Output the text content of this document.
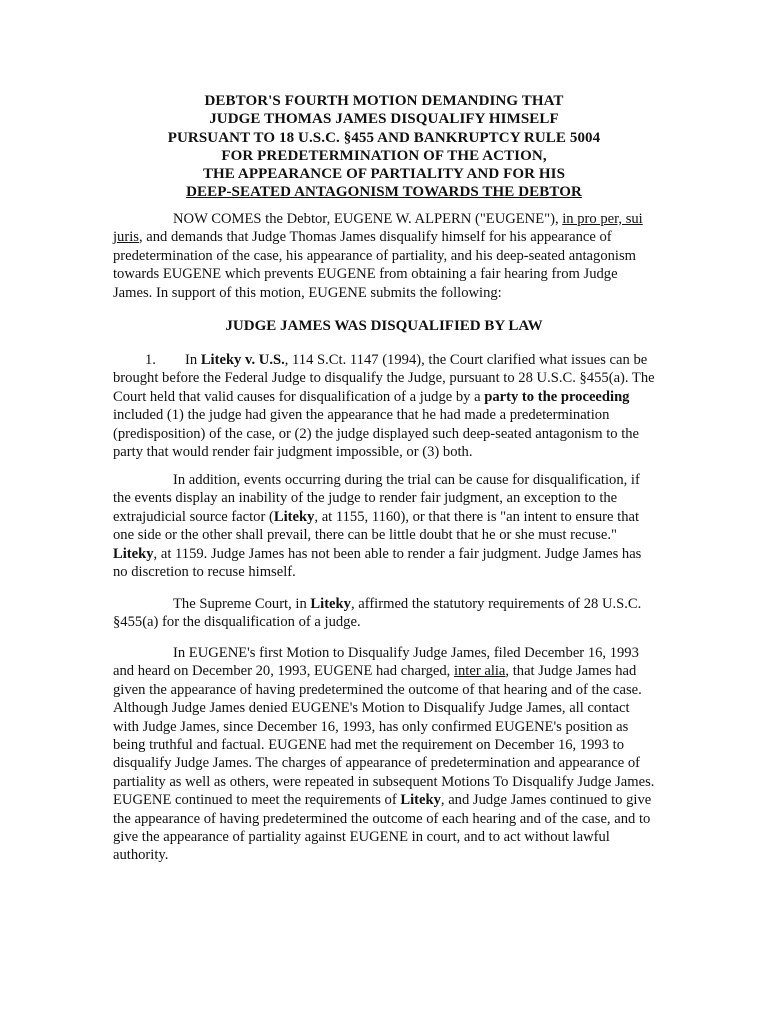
DEBTOR'S FOURTH MOTION DEMANDING THAT
JUDGE THOMAS JAMES DISQUALIFY HIMSELF
PURSUANT TO 18 U.S.C. §455 AND BANKRUPTCY RULE 5004
FOR PREDETERMINATION OF THE ACTION,
THE APPEARANCE OF PARTIALITY AND FOR HIS
DEEP-SEATED ANTAGONISM TOWARDS THE DEBTOR

NOW COMES the Debtor, EUGENE W. ALPERN ("EUGENE"), in pro per, sui juris, and demands that Judge Thomas James disqualify himself for his appearance of predetermination of the case, his appearance of partiality, and his deep-seated antagonism towards EUGENE which prevents EUGENE from obtaining a fair hearing from Judge James. In support of this motion, EUGENE submits the following:

JUDGE JAMES WAS DISQUALIFIED BY LAW

1. In Liteky v. U.S., 114 S.Ct. 1147 (1994), the Court clarified what issues can be brought before the Federal Judge to disqualify the Judge, pursuant to 28 U.S.C. §455(a). The Court held that valid causes for disqualification of a judge by a party to the proceeding included (1) the judge had given the appearance that he had made a predetermination (predisposition) of the case, or (2) the judge displayed such deep-seated antagonism to the party that would render fair judgment impossible, or (3) both.

In addition, events occurring during the trial can be cause for disqualification, if the events display an inability of the judge to render fair judgment, an exception to the extrajudicial source factor (Liteky, at 1155, 1160), or that there is "an intent to ensure that one side or the other shall prevail, there can be little doubt that he or she must recuse." Liteky, at 1159. Judge James has not been able to render a fair judgment. Judge James has no discretion to recuse himself.

The Supreme Court, in Liteky, affirmed the statutory requirements of 28 U.S.C. §455(a) for the disqualification of a judge.

In EUGENE's first Motion to Disqualify Judge James, filed December 16, 1993 and heard on December 20, 1993, EUGENE had charged, inter alia, that Judge James had given the appearance of having predetermined the outcome of that hearing and of the case. Although Judge James denied EUGENE's Motion to Disqualify Judge James, all contact with Judge James, since December 16, 1993, has only confirmed EUGENE's position as being truthful and factual. EUGENE had met the requirement on December 16, 1993 to disqualify Judge James. The charges of appearance of predetermination and appearance of partiality as well as others, were repeated in subsequent Motions To Disqualify Judge James. EUGENE continued to meet the requirements of Liteky, and Judge James continued to give the appearance of having predetermined the outcome of each hearing and of the case, and to give the appearance of partiality against EUGENE in court, and to act without lawful authority.
